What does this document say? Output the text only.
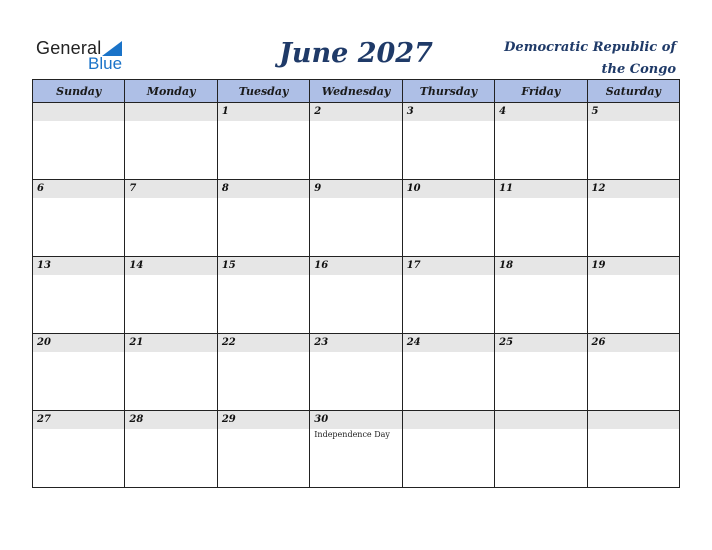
General
Blue	June 2027	Democratic Republic of the Congo
Sunday	Monday	Tuesday	Wednesday	Thursday	Friday	Saturday

		1	2	3	4	5

6	7	8	9	10	11	12

13	14	15	16	17	18	19

20	21	22	23	24	25	26

27	28	29	30
Independence Day			
